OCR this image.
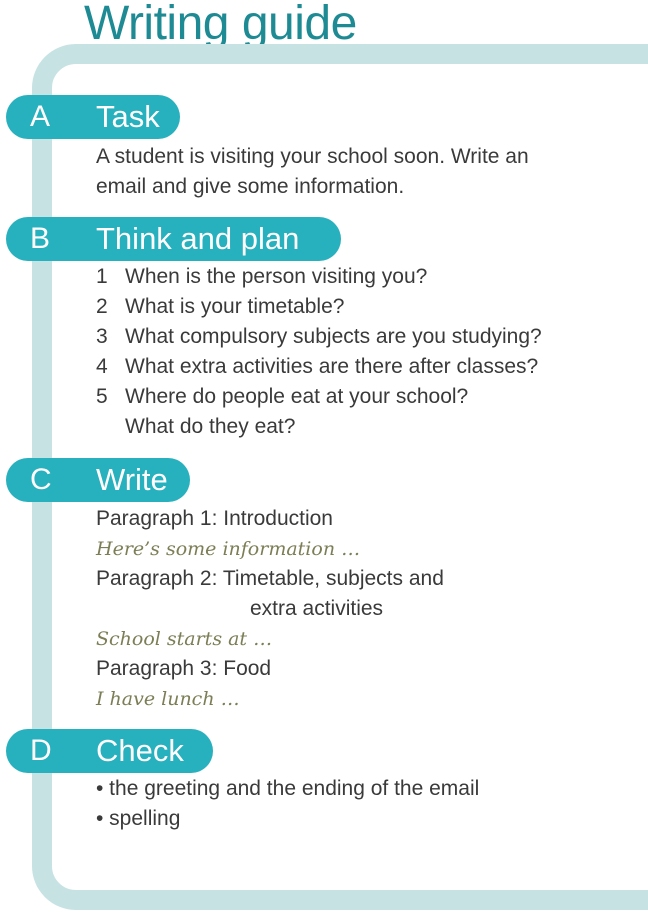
Writing guide
A Task
A student is visiting your school soon. Write an
email and give some information.
B Think and plan
1 When is the person visiting you?
2 What is your timetable?
3 What compulsory subjects are you studying?
4 What extra activities are there after classes?
5 Where do people eat at your school?
What do they eat?
C Write
Paragraph 1: Introduction
Here’s some information …
Paragraph 2: Timetable, subjects and
extra activities
School starts at …
Paragraph 3: Food
I have lunch …
D Check
• the greeting and the ending of the email
• spelling
